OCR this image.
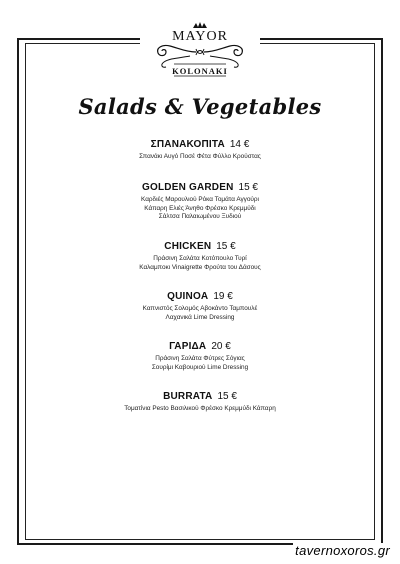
MAYOR
KOLONAKI
Salads & Vegetables
ΣΠΑΝΑΚΟΠΙΤΑ 14 €
Σπανάκι Αυγό Ποσέ Φέτα Φύλλο Κρούστας
GOLDEN GARDEN 15 €
Καρδιές Μαρουλιού Ρόκα Τομάτα Αγγούρι
Κάπαρη Ελιές Άνηθο Φρέσκο Κρεμμύδι
Σάλτσα Παλαιωμένου Ξυδιού
CHICKEN 15 €
Πράσινη Σαλάτα Κοτόπουλο Τυρί
Καλαμποκι Vinaigrette Φρούτα του Δάσους
QUINOA 19 €
Καπνιστός Σολομός Αβοκάντο Ταμπουλέ
Λαχανικά Lime Dressing
ΓΑΡΙΔΑ 20 €
Πράσινη Σαλάτα Φύτρες Σόγιας
Σουρίμι Καβουριού Lime Dressing
BURRATA 15 €
Τοματίνια Pesto Βασιλικού Φρέσκο Κρεμμύδι Κάπαρη
tavernoxoros.gr
